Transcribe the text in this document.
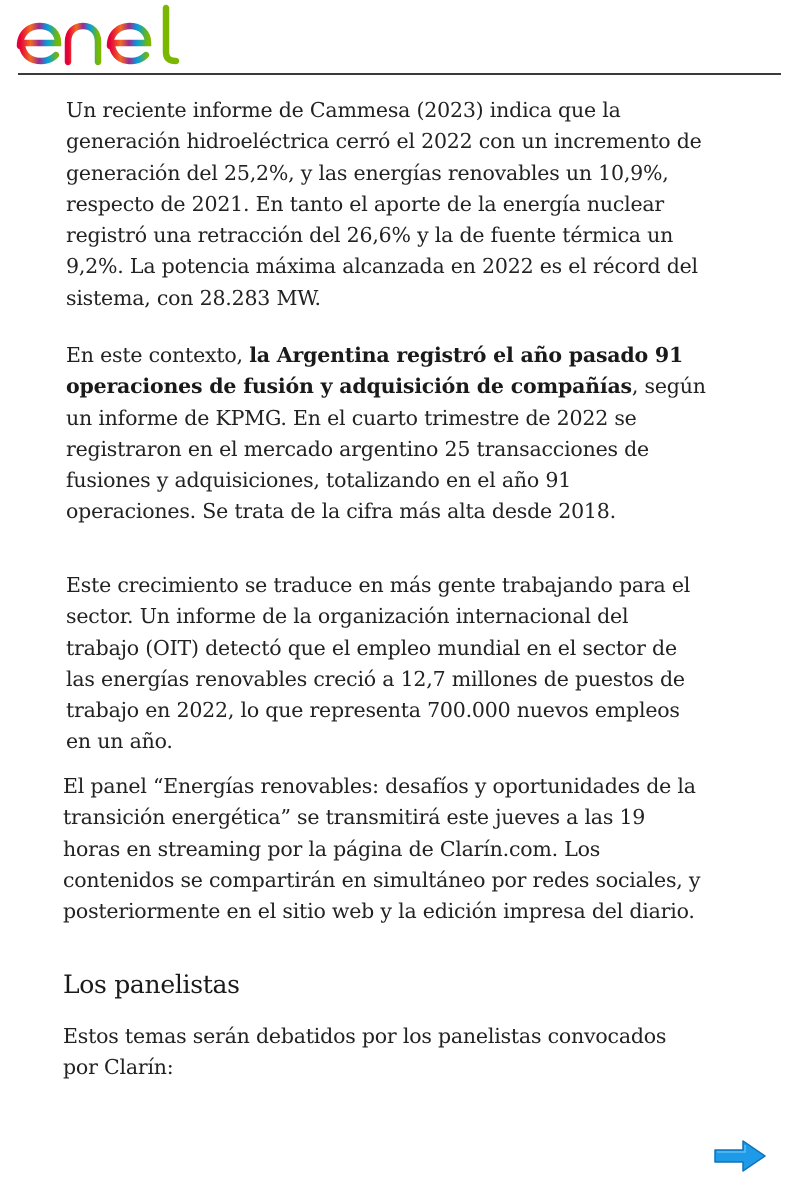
Un reciente informe de Cammesa (2023) indica que la generación hidroeléctrica cerró el 2022 con un incremento de generación del 25,2%, y las energías renovables un 10,9%, respecto de 2021. En tanto el aporte de la energía nuclear registró una retracción del 26,6% y la de fuente térmica un 9,2%. La potencia máxima alcanzada en 2022 es el récord del sistema, con 28.283 MW.

En este contexto, la Argentina registró el año pasado 91 operaciones de fusión y adquisición de compañías, según un informe de KPMG. En el cuarto trimestre de 2022 se registraron en el mercado argentino 25 transacciones de fusiones y adquisiciones, totalizando en el año 91 operaciones. Se trata de la cifra más alta desde 2018.

Este crecimiento se traduce en más gente trabajando para el sector. Un informe de la organización internacional del trabajo (OIT) detectó que el empleo mundial en el sector de las energías renovables creció a 12,7 millones de puestos de trabajo en 2022, lo que representa 700.000 nuevos empleos en un año.

El panel “Energías renovables: desafíos y oportunidades de la transición energética” se transmitirá este jueves a las 19 horas en streaming por la página de Clarín.com. Los contenidos se compartirán en simultáneo por redes sociales, y posteriormente en el sitio web y la edición impresa del diario.

Los panelistas

Estos temas serán debatidos por los panelistas convocados por Clarín:
